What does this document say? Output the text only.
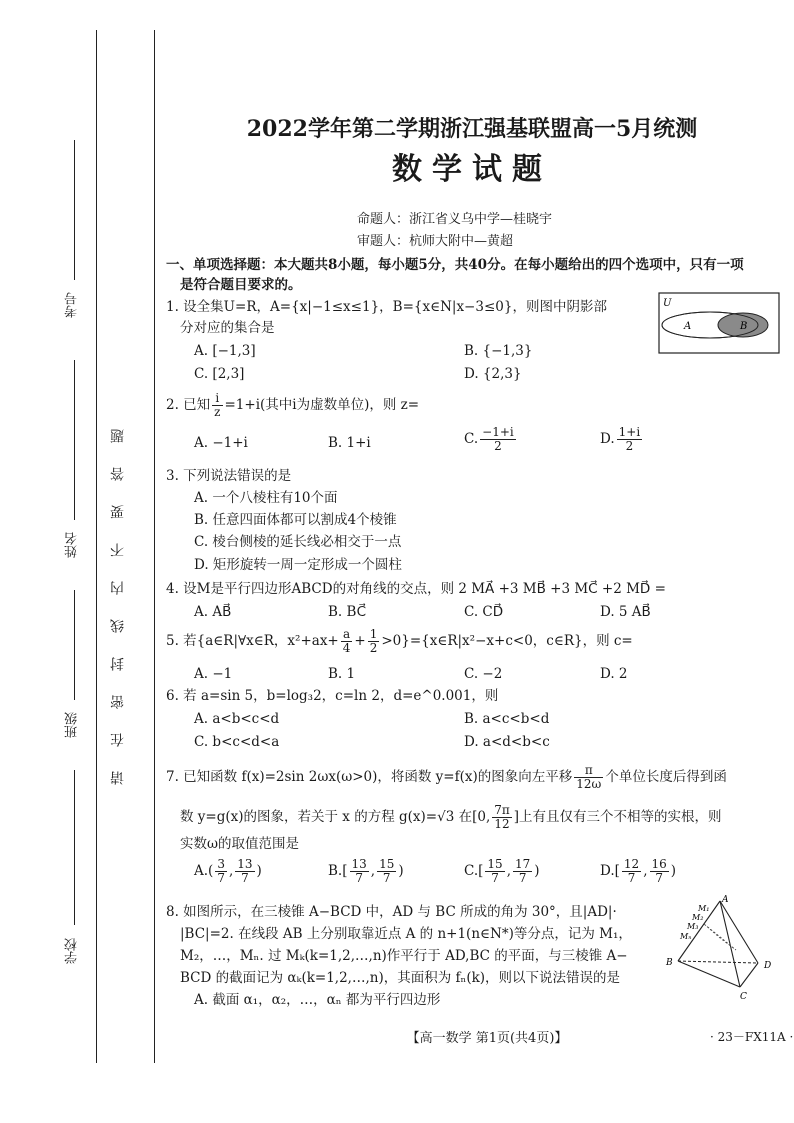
考号
姓名
班级
学校
请在密封线内不要答题
2022学年第二学期浙江强基联盟高一5月统测
数学试题
命题人：浙江省义乌中学—桂晓宇
审题人：杭师大附中—黄超
一、单项选择题：本大题共8小题，每小题5分，共40分。在每小题给出的四个选项中，只有一项
是符合题目要求的。
1. 设全集U=R，A={x|−1≤x≤1}，B={x∈N|x−3≤0}，则图中阴影部
分对应的集合是
U
A	B
A. [−1,3]	B. {−1,3}
C. [2,3]	D. {2,3}
2. 已知 $\frac{i}{z} =1+i$(其中i为虚数单位)，则 z=
A. −1+i	B. 1+i	C. $\frac{-1+i}{2}$	D. $\frac{1+i}{2}$
3. 下列说法错误的是
A. 一个八棱柱有10个面
B. 任意四面体都可以割成4个棱锥
C. 棱台侧棱的延长线必相交于一点
D. 矩形旋转一周一定形成一个圆柱
4. 设M是平行四边形ABCD的对角线的交点，则 2 MA⃗ +3 MB⃗ +3 MC⃗ +2 MD⃗ =
A. AB⃗	B. BC⃗	C. CD⃗	D. 5 AB⃗
5. 若{a∈R|∀x∈R，$x^2+ax+ \frac{a}{4} + \frac{1}{2}$ >0}={x∈R|x²−x+c<0，c∈R}，则 c=
A. −1	B. 1	C. −2	D. 2
6. 若 a=sin 5，b=log₃2，c=ln 2，d=e^0.001，则
A. a<b<c<d	B. a<c<b<d
C. b<c<d<a	D. a<d<b<c
7. 已知函数 f(x)=2sin 2ωx(ω>0)，将函数 y=f(x)的图象向左平移 $\frac{\pi}{12\omega}$ 个单位长度后得到函
数 y=g(x)的图象，若关于 x 的方程 g(x)=√3 在[0, $\frac{7\pi}{12}$ ]上有且仅有三个不相等的实根，则
实数ω的取值范围是
$A.( \frac{3}{7}$ , $\frac{13}{7}$ )	$B.[ \frac{13}{7}$ , $\frac{15}{7}$ )	$C.[ \frac{15}{7}$ , $\frac{17}{7}$ )	$D.[ \frac{12}{7}$ , $\frac{16}{7}$ )
8. 如图所示，在三棱锥 A−BCD 中，AD 与 BC 所成的角为 30°，且|AD|·
|BC|=2. 在线段 AB 上分别取靠近点 A 的 n+1(n∈N*)等分点，记为 M₁，
M₂，…，Mₙ. 过 Mₖ(k=1,2,…,n)作平行于 AD,BC 的平面，与三棱锥 A−
BCD 的截面记为 αₖ(k=1,2,…,n)，其面积为 fₙ(k)，则以下说法错误的是
A. 截面 α₁，α₂，…，αₙ 都为平行四边形
A
B
C
D
M₁
M₂
M₃
Mₙ
【高一数学 第1页(共4页)】	· 23－FX11A ·
